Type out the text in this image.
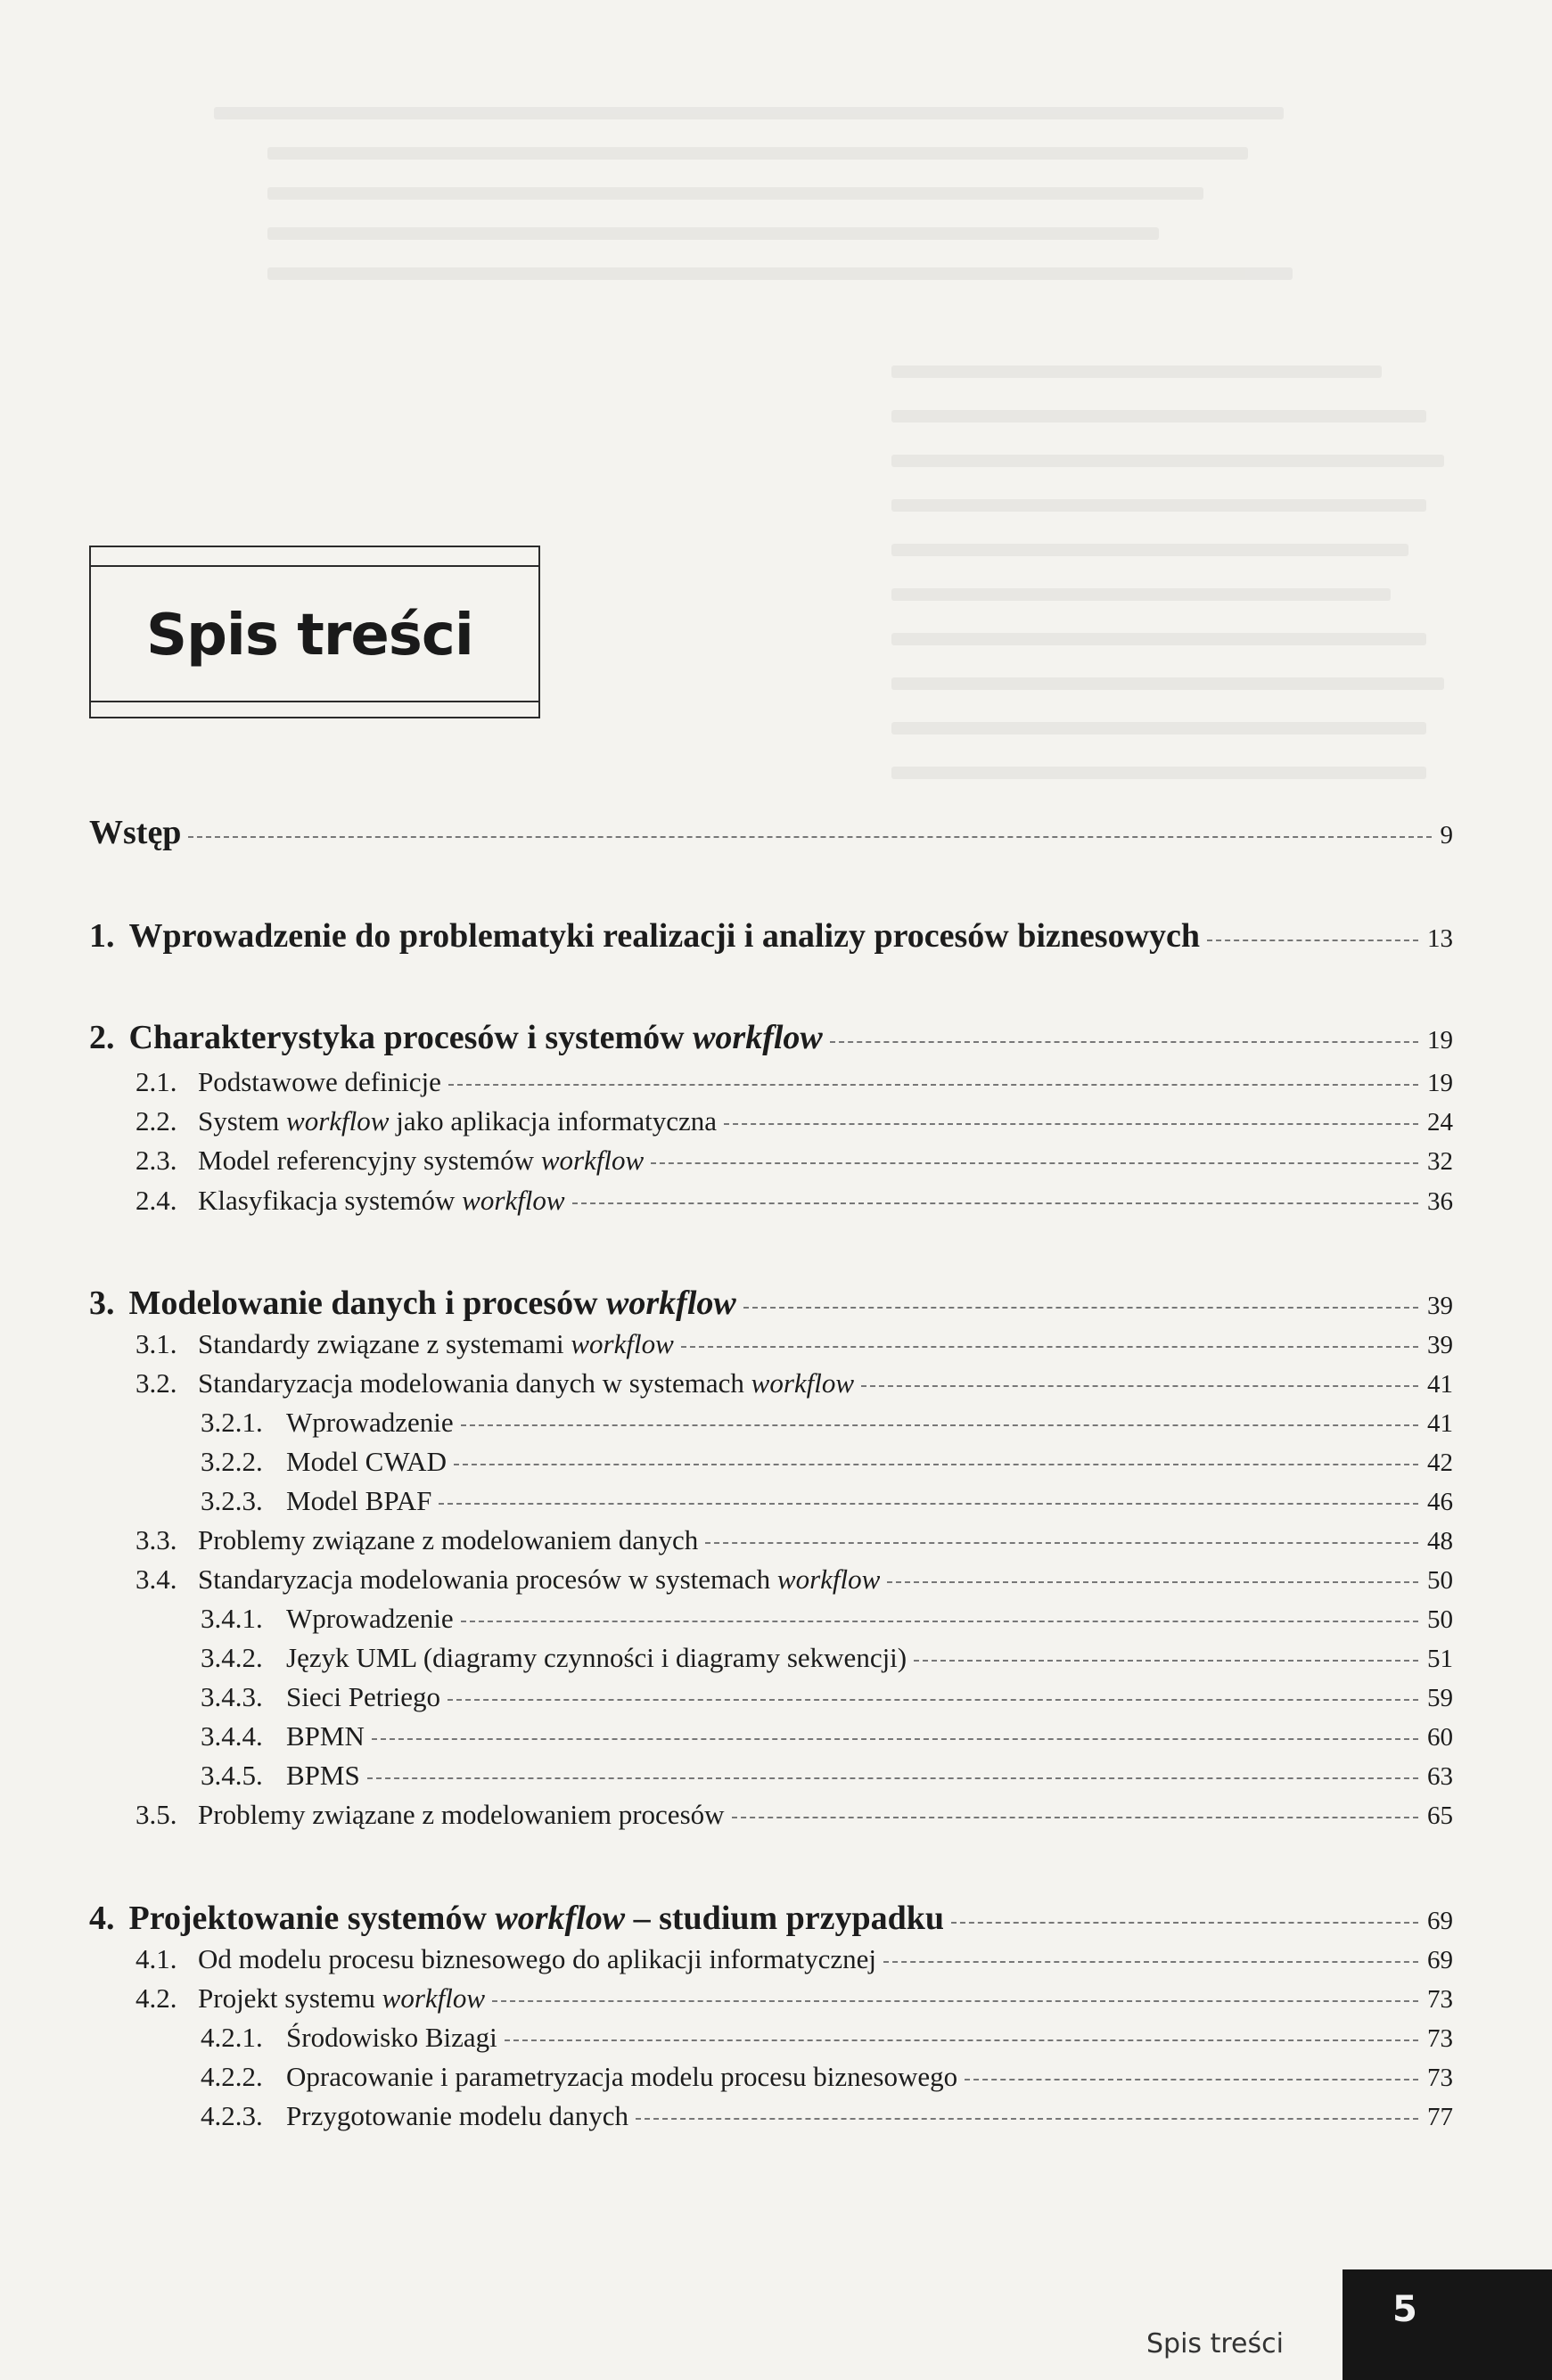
Spis treści
Wstęp	9
1. Wprowadzenie do problematyki realizacji i analizy procesów biznesowych	13
2. Charakterystyka procesów i systemów workflow	19
2.1. Podstawowe definicje	19
2.2. System workflow jako aplikacja informatyczna	24
2.3. Model referencyjny systemów workflow	32
2.4. Klasyfikacja systemów workflow	36
3. Modelowanie danych i procesów workflow	39
3.1. Standardy związane z systemami workflow	39
3.2. Standaryzacja modelowania danych w systemach workflow	41
3.2.1. Wprowadzenie	41
3.2.2. Model CWAD	42
3.2.3. Model BPAF	46
3.3. Problemy związane z modelowaniem danych	48
3.4. Standaryzacja modelowania procesów w systemach workflow	50
3.4.1. Wprowadzenie	50
3.4.2. Język UML (diagramy czynności i diagramy sekwencji)	51
3.4.3. Sieci Petriego	59
3.4.4. BPMN	60
3.4.5. BPMS	63
3.5. Problemy związane z modelowaniem procesów	65
4. Projektowanie systemów workflow – studium przypadku	69
4.1. Od modelu procesu biznesowego do aplikacji informatycznej	69
4.2. Projekt systemu workflow	73
4.2.1. Środowisko Bizagi	73
4.2.2. Opracowanie i parametryzacja modelu procesu biznesowego	73
4.2.3. Przygotowanie modelu danych	77
Spis treści
5
